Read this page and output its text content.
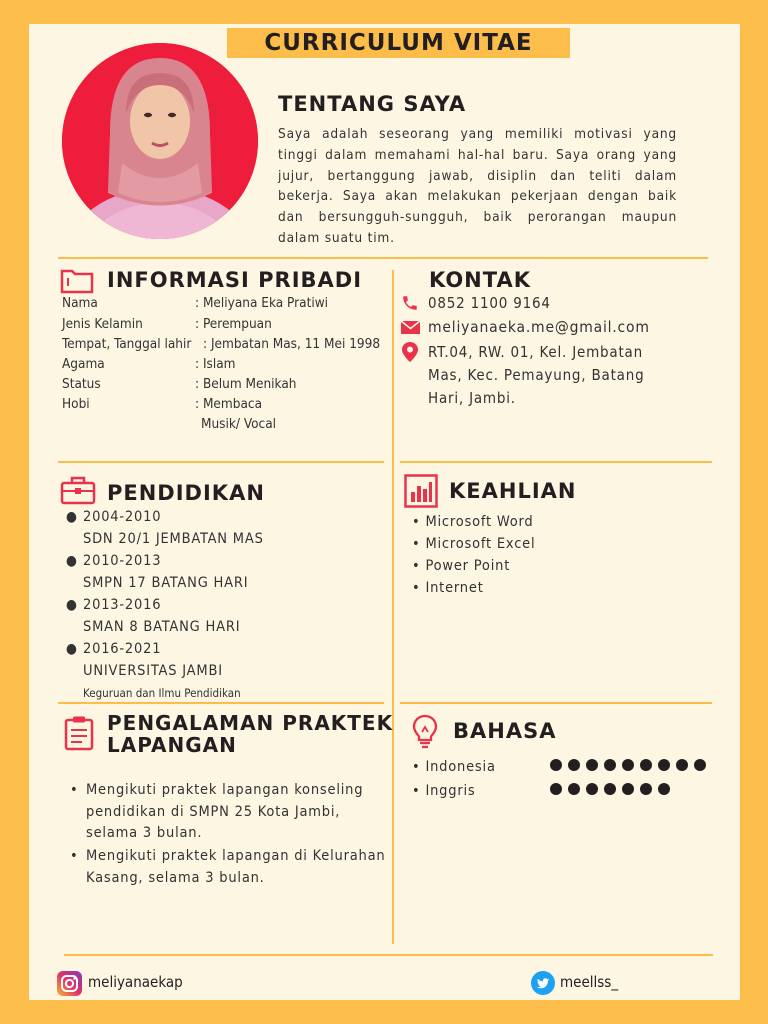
CURRICULUM VITAE
TENTANG SAYA
Saya adalah seseorang yang memiliki motivasi yang tinggi dalam memahami hal-hal baru. Saya orang yang jujur, bertanggung jawab, disiplin dan teliti dalam bekerja. Saya akan melakukan pekerjaan dengan baik dan bersungguh-sungguh, baik perorangan maupun dalam suatu tim.
INFORMASI PRIBADI
Nama	: Meliyana Eka Pratiwi
Jenis Kelamin	: Perempuan
Tempat, Tanggal lahir : Jembatan Mas, 11 Mei 1998
Agama	: Islam
Status	: Belum Menikah
Hobi	: Membaca
Musik/ Vocal
KONTAK
0852 1100 9164
meliyanaeka.me@gmail.com
RT.04, RW. 01, Kel. Jembatan
Mas, Kec. Pemayung, Batang
Hari, Jambi.
PENDIDIKAN
● 2004-2010
SDN 20/1 JEMBATAN MAS
● 2010-2013
SMPN 17 BATANG HARI
● 2013-2016
SMAN 8 BATANG HARI
● 2016-2021
UNIVERSITAS JAMBI
Keguruan dan Ilmu Pendidikan
KEAHLIAN
• Microsoft Word
• Microsoft Excel
• Power Point
• Internet
PENGALAMAN PRAKTEK
LAPANGAN
• Mengikuti praktek lapangan konseling pendidikan di SMPN 25 Kota Jambi, selama 3 bulan.
• Mengikuti praktek lapangan di Kelurahan Kasang, selama 3 bulan.
BAHASA
• Indonesia
• Inggris
meliyanaekap	meellss_
